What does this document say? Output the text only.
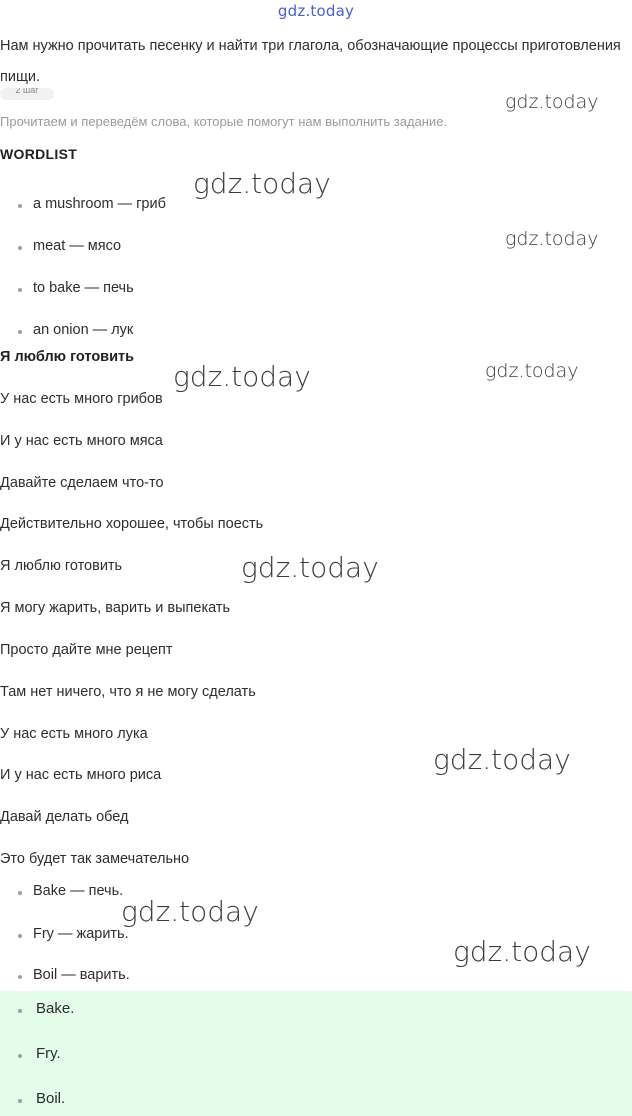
gdz.today
Нам нужно прочитать песенку и найти три глагола, обозначающие процессы приготовления пищи.
2 шаг
Прочитаем и переведём слова, которые помогут нам выполнить задание.
WORDLIST
a mushroom — гриб
meat — мясо
to bake — печь
an onion — лук
Я люблю готовить
У нас есть много грибов
И у нас есть много мяса
Давайте сделаем что-то
Действительно хорошее, чтобы поесть
Я люблю готовить
Я могу жарить, варить и выпекать
Просто дайте мне рецепт
Там нет ничего, что я не могу сделать
У нас есть много лука
И у нас есть много риса
Давай делать обед
Это будет так замечательно
Bake — печь.
Fry — жарить.
Boil — варить.
Bake.
Fry.
Boil.
gdz.today
gdz.today
gdz.today
gdz.today	gdz.today
gdz.today
gdz.today
gdz.today
gdz.today
